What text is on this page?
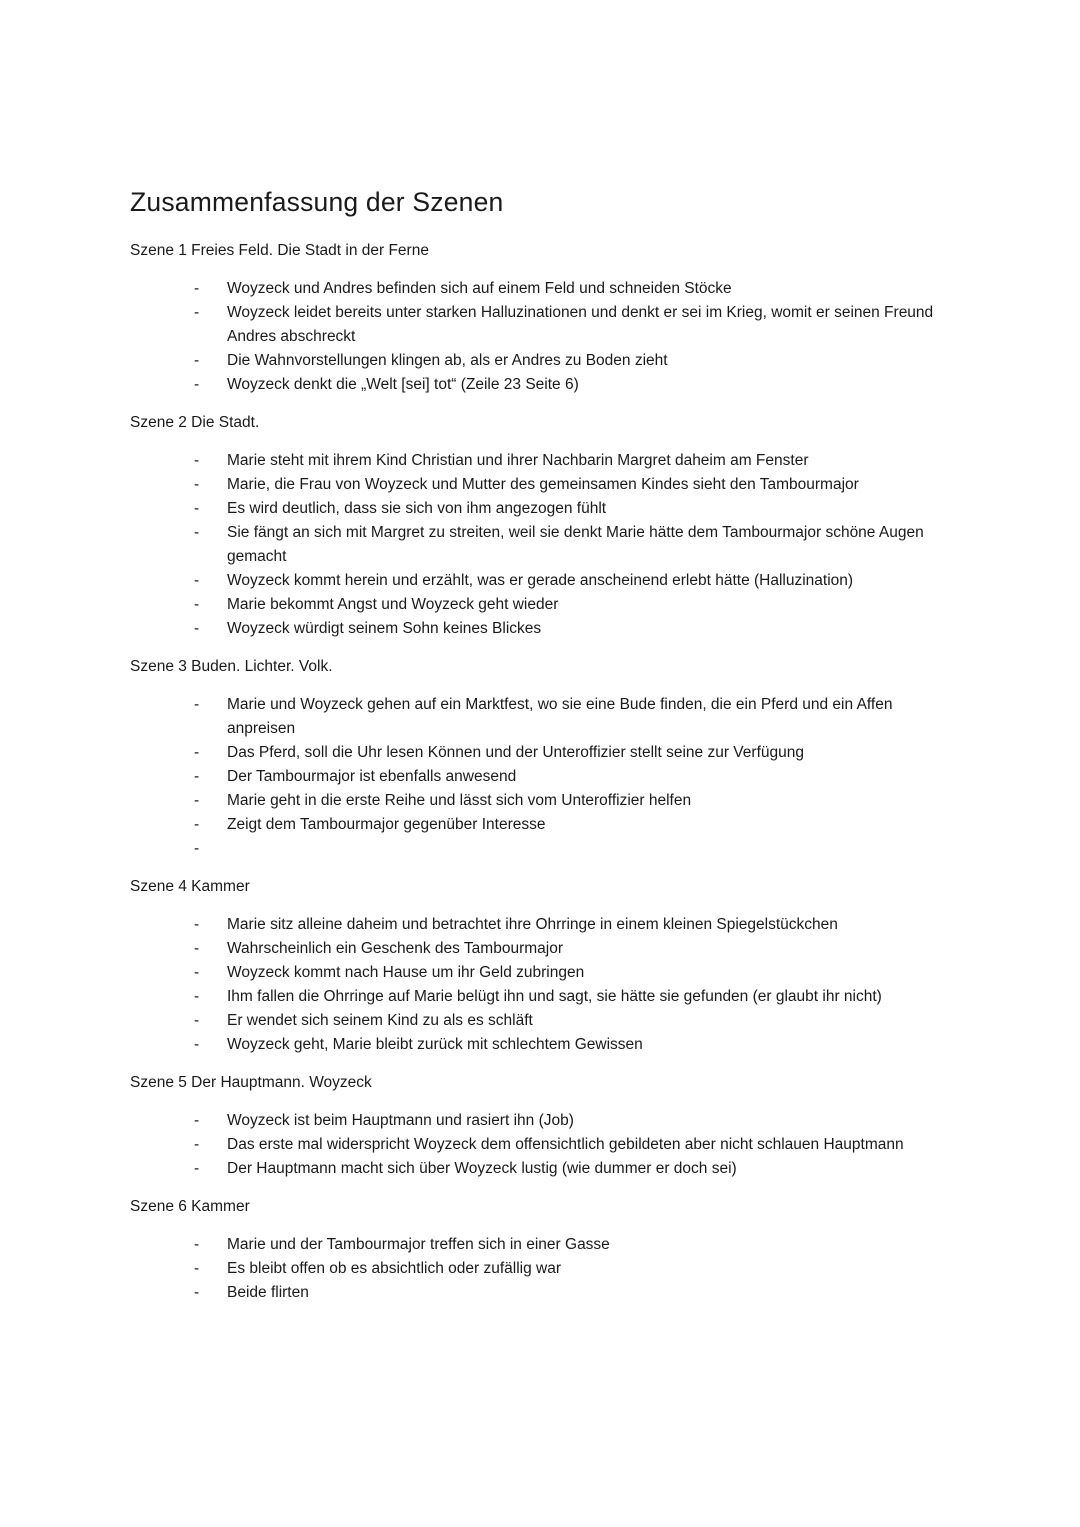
Zusammenfassung der Szenen

Szene 1 Freies Feld. Die Stadt in der Ferne

-	Woyzeck und Andres befinden sich auf einem Feld und schneiden Stöcke
-	Woyzeck leidet bereits unter starken Halluzinationen und denkt er sei im Krieg, womit er seinen Freund Andres abschreckt
-	Die Wahnvorstellungen klingen ab, als er Andres zu Boden zieht
-	Woyzeck denkt die „Welt [sei] tot“ (Zeile 23 Seite 6)

Szene 2 Die Stadt.

-	Marie steht mit ihrem Kind Christian und ihrer Nachbarin Margret daheim am Fenster
-	Marie, die Frau von Woyzeck und Mutter des gemeinsamen Kindes sieht den Tambourmajor
-	Es wird deutlich, dass sie sich von ihm angezogen fühlt
-	Sie fängt an sich mit Margret zu streiten, weil sie denkt Marie hätte dem Tambourmajor schöne Augen gemacht
-	Woyzeck kommt herein und erzählt, was er gerade anscheinend erlebt hätte (Halluzination)
-	Marie bekommt Angst und Woyzeck geht wieder
-	Woyzeck würdigt seinem Sohn keines Blickes

Szene 3 Buden. Lichter. Volk.

-	Marie und Woyzeck gehen auf ein Marktfest, wo sie eine Bude finden, die ein Pferd und ein Affen anpreisen
-	Das Pferd, soll die Uhr lesen Können und der Unteroffizier stellt seine zur Verfügung
-	Der Tambourmajor ist ebenfalls anwesend
-	Marie geht in die erste Reihe und lässt sich vom Unteroffizier helfen
-	Zeigt dem Tambourmajor gegenüber Interesse
-

Szene 4 Kammer

-	Marie sitz alleine daheim und betrachtet ihre Ohrringe in einem kleinen Spiegelstückchen
-	Wahrscheinlich ein Geschenk des Tambourmajor
-	Woyzeck kommt nach Hause um ihr Geld zubringen
-	Ihm fallen die Ohrringe auf Marie belügt ihn und sagt, sie hätte sie gefunden (er glaubt ihr nicht)
-	Er wendet sich seinem Kind zu als es schläft
-	Woyzeck geht, Marie bleibt zurück mit schlechtem Gewissen

Szene 5 Der Hauptmann. Woyzeck

-	Woyzeck ist beim Hauptmann und rasiert ihn (Job)
-	Das erste mal widerspricht Woyzeck dem offensichtlich gebildeten aber nicht schlauen Hauptmann
-	Der Hauptmann macht sich über Woyzeck lustig (wie dummer er doch sei)

Szene 6 Kammer

-	Marie und der Tambourmajor treffen sich in einer Gasse
-	Es bleibt offen ob es absichtlich oder zufällig war
-	Beide flirten
